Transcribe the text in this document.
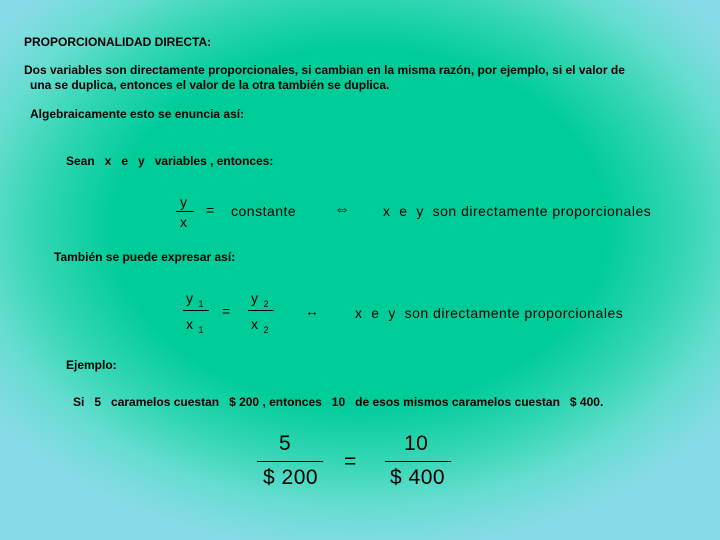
PROPORCIONALIDAD DIRECTA:
Dos variables son directamente proporcionales, si cambian en la misma razón, por ejemplo, si el valor de
una se duplica, entonces el valor de la otra también se duplica.
Algebraicamente esto se enuncia así:
Sean   x   e   y   variables , entonces:
y
x
= constante ⇔ x  e  y  son directamente proporcionales
También se puede expresar así:
y $_1$
x $_1$
=
y $_2$
x $_2$
↔	x  e  y  son directamente proporcionales
Ejemplo:
Si   5   caramelos cuestan   $ 200 , entonces   10   de esos mismos caramelos cuestan   $ 400.
5
$ 200
=
10
$ 400
